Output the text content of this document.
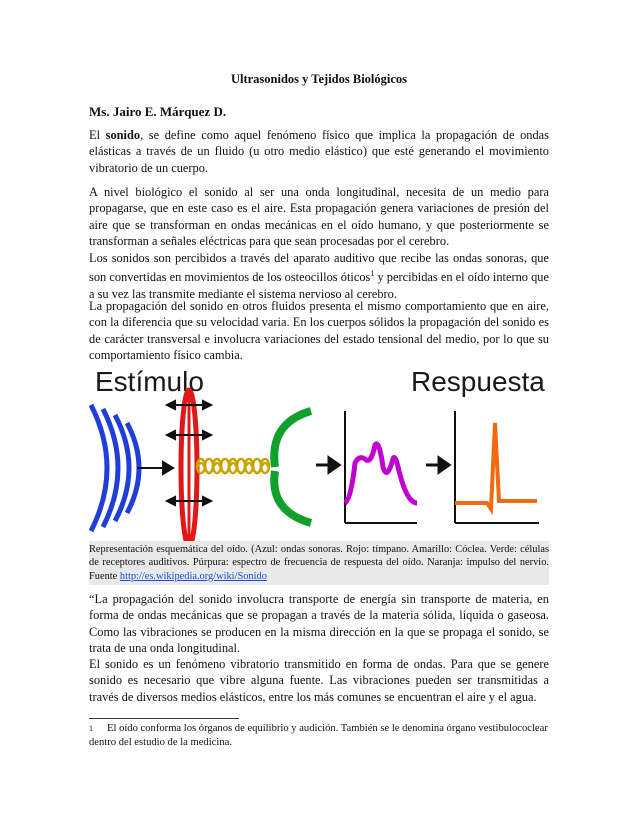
Ultrasonidos y Tejidos Biológicos
Ms. Jairo E. Márquez D.
El sonido, se define como aquel fenómeno físico que implica la propagación de ondas elásticas a través de un fluido (u otro medio elástico) que esté generando el movimiento vibratorio de un cuerpo.
A nivel biológico el sonido al ser una onda longitudinal, necesita de un medio para propagarse, que en este caso es el aire. Esta propagación genera variaciones de presión del aire que se transforman en ondas mecánicas en el oído humano, y que posteriormente se transforman a señales eléctricas para que sean procesadas por el cerebro.
Los sonidos son percibidos a través del aparato auditivo que recibe las ondas sonoras, que son convertidas en movimientos de los osteocillos óticos$^1$ y percibidas en el oído interno que a su vez las transmite mediante el sistema nervioso al cerebro.
La propagación del sonido en otros fluidos presenta el mismo comportamiento que en aire, con la diferencia que su velocidad varia. En los cuerpos sólidos la propagación del sonido es de carácter transversal e involucra variaciones del estado tensional del medio, por lo que su comportamiento físico cambia.
Estímulo	Respuesta
Representación esquemática del oído. (Azul: ondas sonoras. Rojo: tímpano. Amarillo: Cóclea. Verde: células de receptores auditivos. Púrpura: espectro de frecuencia de respuesta del oído. Naranja: impulso del nervio. Fuente http://es.wikipedia.org/wiki/Sonido
“La propagación del sonido involucra transporte de energía sin transporte de materia, en forma de ondas mecánicas que se propagan a través de la materia sólida, líquida o gaseosa. Como las vibraciones se producen en la misma dirección en la que se propaga el sonido, se trata de una onda longitudinal.
El sonido es un fenómeno vibratorio transmitido en forma de ondas. Para que se genere sonido es necesario que vibre alguna fuente. Las vibraciones pueden ser transmitidas a través de diversos medios elásticos, entre los más comunes se encuentran el aire y el agua.
$^1$ El oído conforma los órganos de equilibrio y audición. También se le denomina órgano vestibulococlear dentro del estudio de la medicina.
